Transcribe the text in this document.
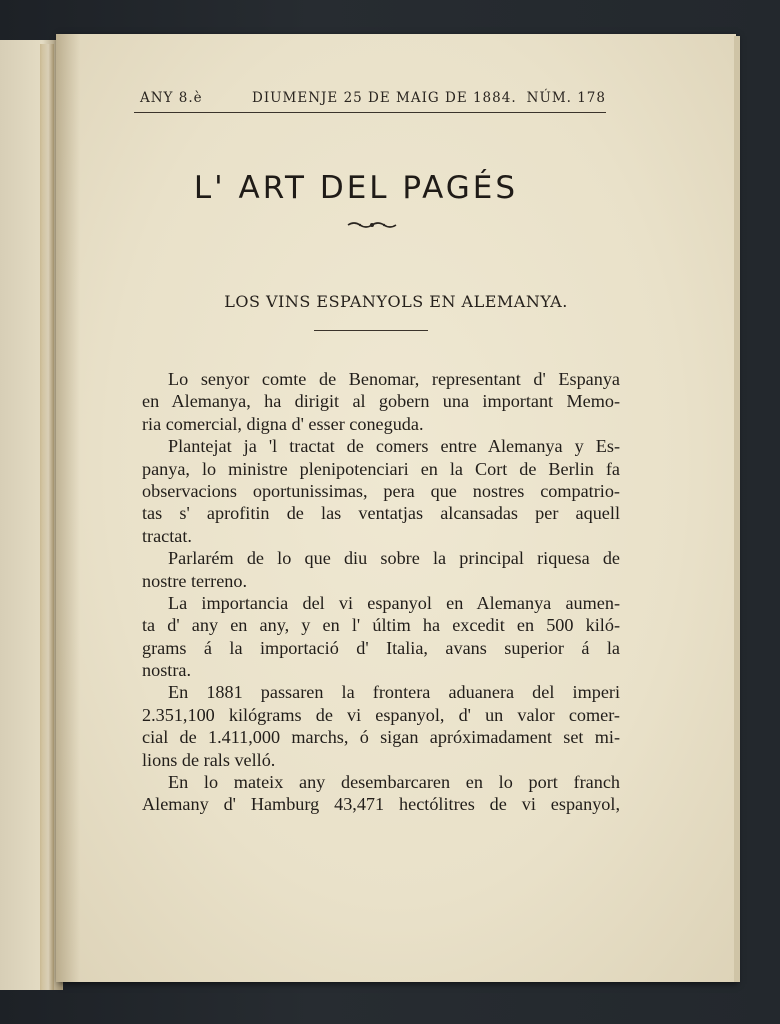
ANY 8.è	DIUMENJE 25 DE MAIG DE 1884. NÚM. 178
L' ART DEL PAGÉS
LOS VINS ESPANYOLS EN ALEMANYA.
Lo senyor comte de Benomar, representant d' Espanya
en Alemanya, ha dirigit al gobern una important Memo-
ria comercial, digna d' esser coneguda.
Plantejat ja 'l tractat de comers entre Alemanya y Es-
panya, lo ministre plenipotenciari en la Cort de Berlin fa
observacions oportunissimas, pera que nostres compatrio-
tas s' aprofitin de las ventatjas alcansadas per aquell
tractat.
Parlarém de lo que diu sobre la principal riquesa de
nostre terreno.
La importancia del vi espanyol en Alemanya aumen-
ta d' any en any, y en l' últim ha excedit en 500 kiló-
grams á la importació d' Italia, avans superior á la
nostra.
En 1881 passaren la frontera aduanera del imperi
2.351,100 kilógrams de vi espanyol, d' un valor comer-
cial de 1.411,000 marchs, ó sigan apróximadament set mi-
lions de rals velló.
En lo mateix any desembarcaren en lo port franch
Alemany d' Hamburg 43,471 hectólitres de vi espanyol,
